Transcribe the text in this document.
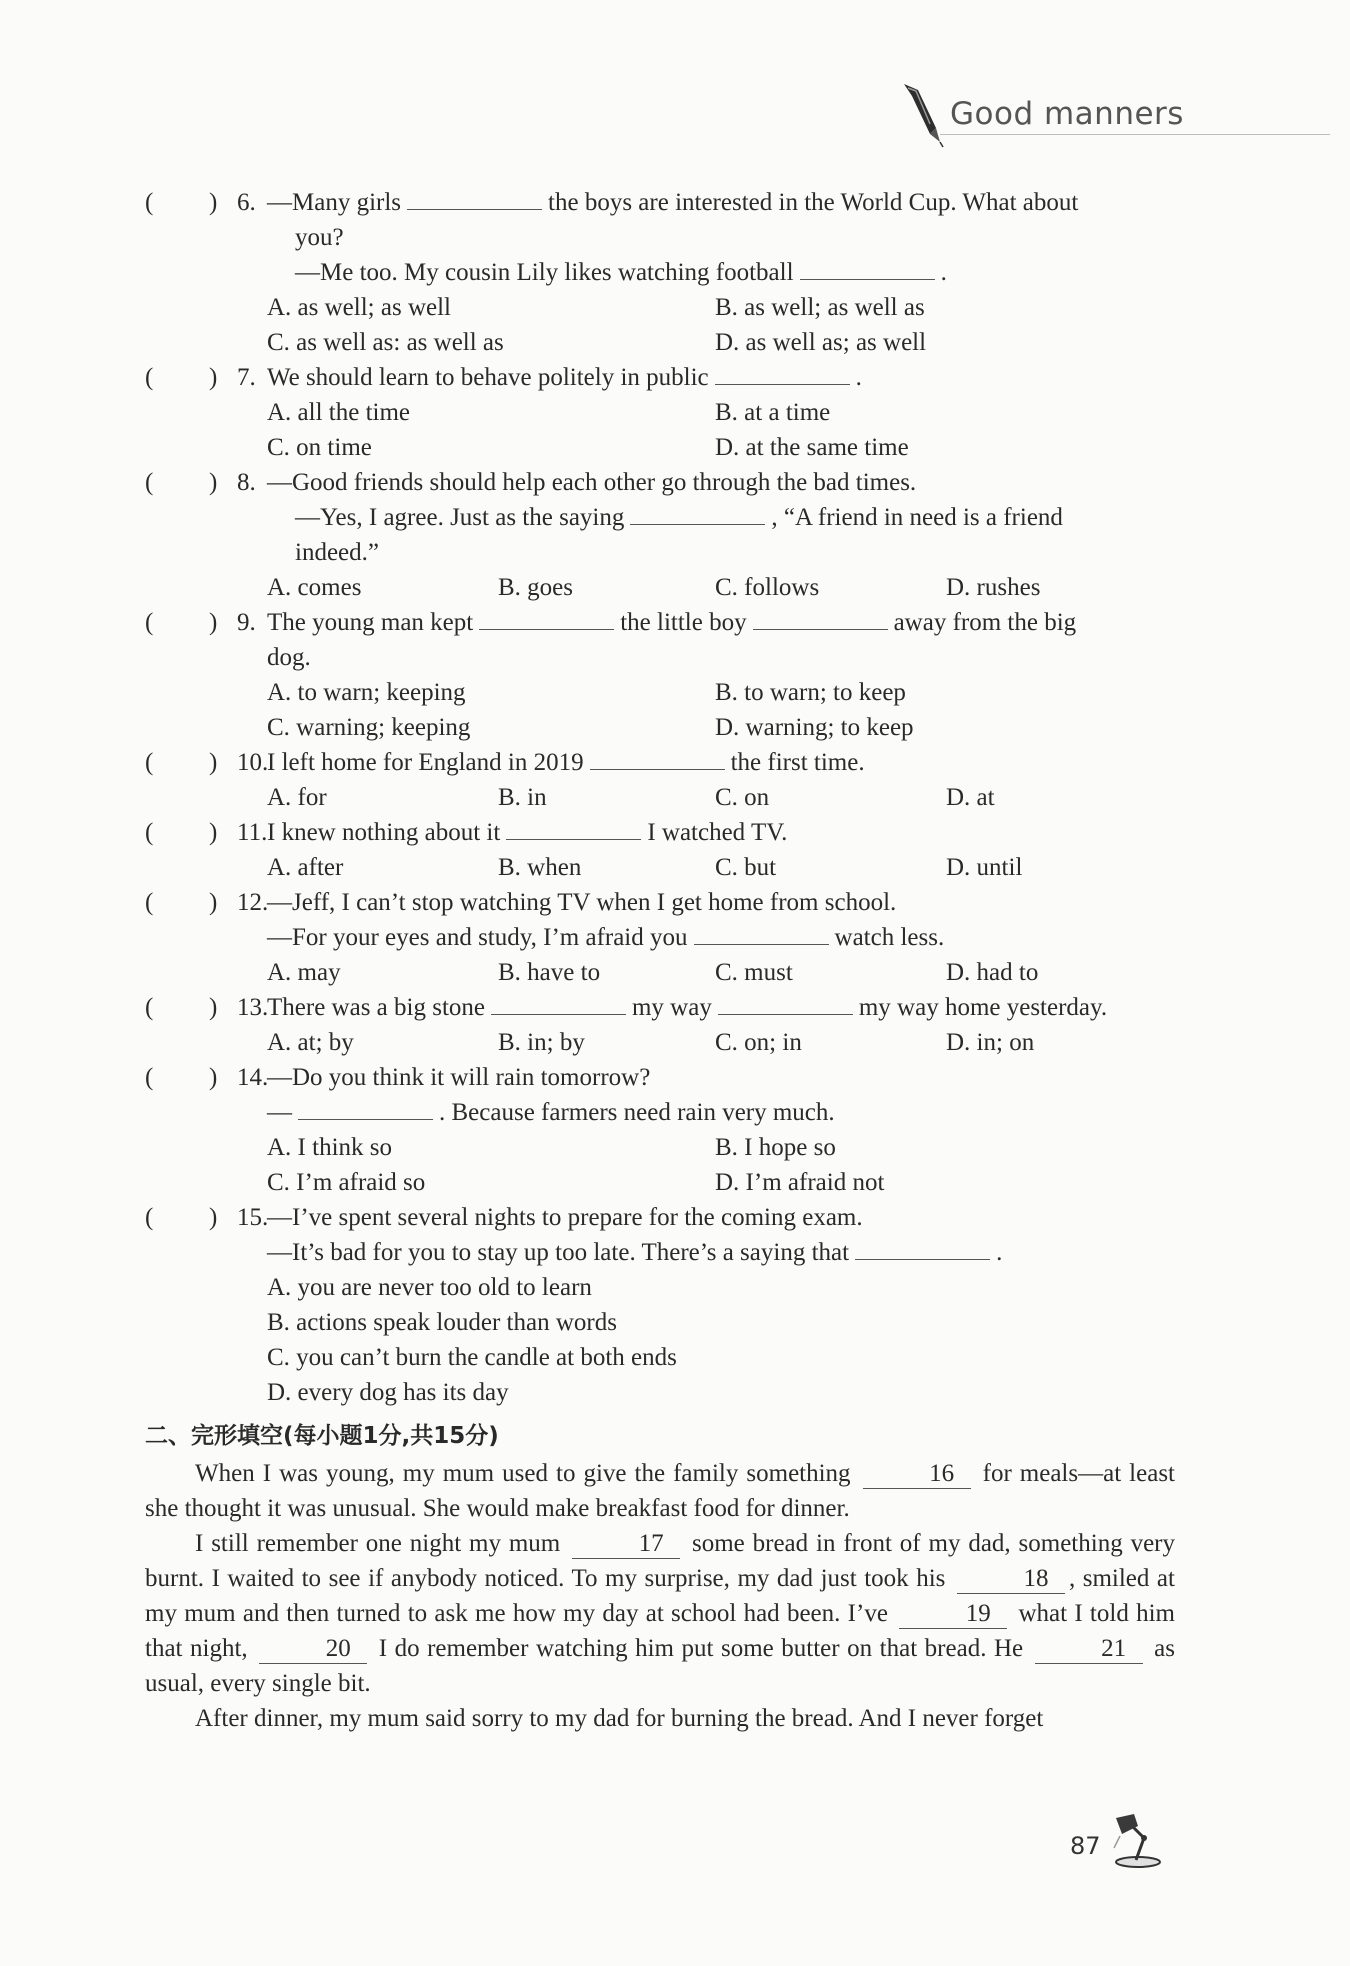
Good manners
( ) 6. —Many girls	the boys are interested in the World Cup. What about
you?
—Me too. My cousin Lily likes watching football	.
A. as well; as well	B. as well; as well as
C. as well as: as well as	D. as well as; as well
( ) 7. We should learn to behave politely in public	.
A. all the time	B. at a time
C. on time	D. at the same time
( ) 8. —Good friends should help each other go through the bad times.
—Yes, I agree. Just as the saying	, “A friend in need is a friend
indeed.”
A. comes	B. goes	C. follows	D. rushes
( ) 9. The young man kept	the little boy	away from the big
dog.
A. to warn; keeping	B. to warn; to keep
C. warning; keeping	D. warning; to keep
( ) 10.
I left home for England in 2019	the first time.
A. for	B. in	C. on	D. at
( ) 11. I knew nothing about it	I watched TV.
A. after	B. when	C. but	D. until
( ) 12.
—Jeff, I can’t stop watching TV when I get home from school.
—For your eyes and study, I’m afraid you	watch less.
A. may	B. have to	C. must	D. had to
( ) 13.
There was a big stone	my way	my way home yesterday.
A. at; by	B. in; by	C. on; in	D. in; on
( ) 14.
—Do you think it will rain tomorrow?
—	. Because farmers need rain very much.
A. I think so	B. I hope so
C. I’m afraid so	D. I’m afraid not
( ) 15.
—I’ve spent several nights to prepare for the coming exam.
—It’s bad for you to stay up too late. There’s a saying that	.
A. you are never too old to learn
B. actions speak louder than words
C. you can’t burn the candle at both ends
D. every dog has its day
二、完形填空(每小题1分,共15分)

When I was young, my mum used to give the family something	16 for meals—at least she thought it was unusual. She would make breakfast food for dinner.

I still remember one night my mum	17 some bread in front of my dad, something very burnt. I waited to see if anybody noticed. To my surprise, my dad just took his	18 , smiled at my mum and then turned to ask me how my day at school had been. I’ve	19 what I told him that night,	20 I do remember watching him put some butter on that bread. He	21 as usual, every single bit.

After dinner, my mum said sorry to my dad for burning the bread. And I never forget

87
